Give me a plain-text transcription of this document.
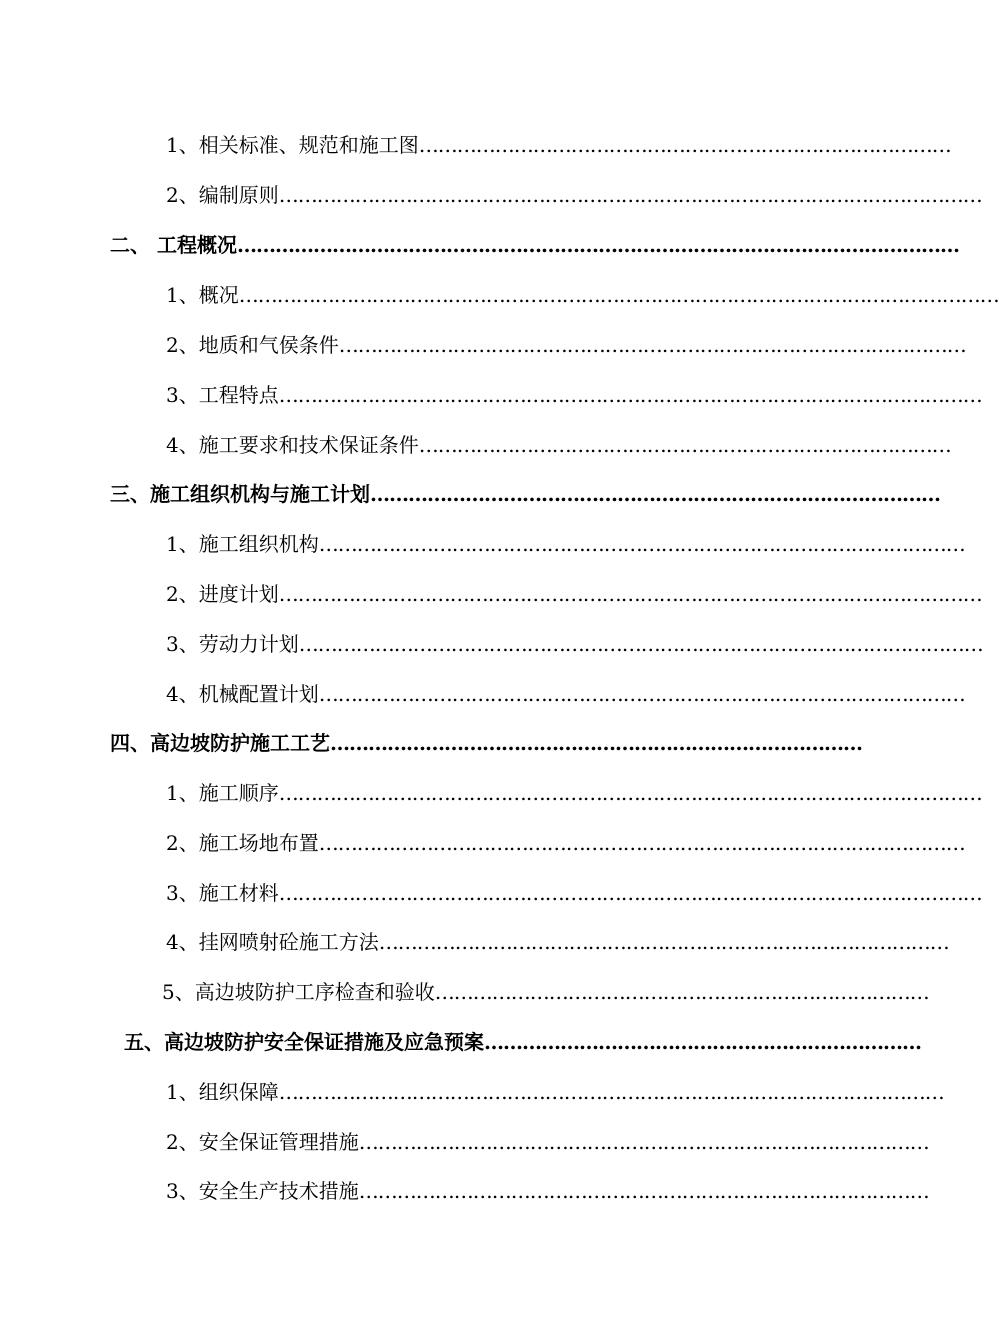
1、相关标准、规范和施工图…………………………………………………………………………
2、编制原则…………………………………………………………………………………………………
二、 工程概况……………………………………………………………………………………………………
1、概况…………………………………………………………………………………………………………
2、地质和气侯条件………………………………………………………………………………………
3、工程特点…………………………………………………………………………………………………
4、施工要求和技术保证条件…………………………………………………………………………
三、施工组织机构与施工计划………………………………………………………………………………
1、施工组织机构…………………………………………………………………………………………
2、进度计划…………………………………………………………………………………………………
3、劳动力计划………………………………………………………………………………………………
4、机械配置计划…………………………………………………………………………………………
四、高边坡防护施工工艺…………………………………………………………………………
1、施工顺序…………………………………………………………………………………………………
2、施工场地布置…………………………………………………………………………………………
3、施工材料…………………………………………………………………………………………………
4、挂网喷射砼施工方法………………………………………………………………………………
5、高边坡防护工序检查和验收……………………………………………………………………
五、高边坡防护安全保证措施及应急预案……………………………………………………………
1、组织保障……………………………………………………………………………………………
2、安全保证管理措施………………………………………………………………………………
3、安全生产技术措施………………………………………………………………………………
